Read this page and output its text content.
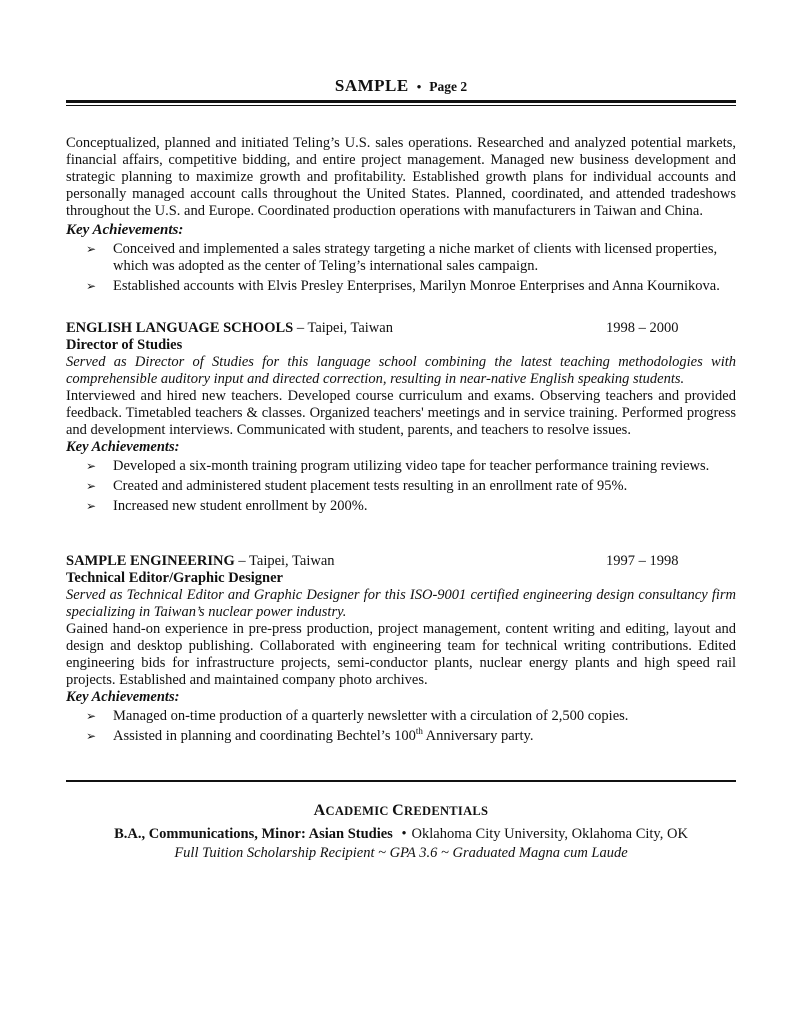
SAMPLE • Page 2

Conceptualized, planned and initiated Teling’s U.S. sales operations. Researched and analyzed potential markets, financial affairs, competitive bidding, and entire project management. Managed new business development and strategic planning to maximize growth and profitability. Established growth plans for individual accounts and personally managed account calls throughout the United States. Planned, coordinated, and attended tradeshows throughout the U.S. and Europe. Coordinated production operations with manufacturers in Taiwan and China.

Key Achievements:

➢ Conceived and implemented a sales strategy targeting a niche market of clients with licensed properties, which was adopted as the center of Teling’s international sales campaign.
➢ Established accounts with Elvis Presley Enterprises, Marilyn Monroe Enterprises and Anna Kournikova.
ENGLISH LANGUAGE SCHOOLS – Taipei, Taiwan	1998 – 2000

Director of Studies

Served as Director of Studies for this language school combining the latest teaching methodologies with comprehensible auditory input and directed correction, resulting in near-native English speaking students.

Interviewed and hired new teachers. Developed course curriculum and exams. Observing teachers and provided feedback. Timetabled teachers & classes. Organized teachers' meetings and in service training. Performed progress and development interviews. Communicated with student, parents, and teachers to resolve issues.

Key Achievements:

➢ Developed a six-month training program utilizing video tape for teacher performance training reviews.
➢ Created and administered student placement tests resulting in an enrollment rate of 95%.
➢ Increased new student enrollment by 200%.
SAMPLE ENGINEERING – Taipei, Taiwan	1997 – 1998

Technical Editor/Graphic Designer

Served as Technical Editor and Graphic Designer for this ISO-9001 certified engineering design consultancy firm specializing in Taiwan’s nuclear power industry.

Gained hand-on experience in pre-press production, project management, content writing and editing, layout and design and desktop publishing. Collaborated with engineering team for technical writing contributions. Edited engineering bids for infrastructure projects, semi-conductor plants, nuclear energy plants and high speed rail projects. Established and maintained company photo archives.

Key Achievements:

➢ Managed on-time production of a quarterly newsletter with a circulation of 2,500 copies.
➢ Assisted in planning and coordinating Bechtel’s 100th Anniversary party.
ACADEMIC CREDENTIALS
B.A., Communications, Minor: Asian Studies • Oklahoma City University, Oklahoma City, OK
Full Tuition Scholarship Recipient ~ GPA 3.6 ~ Graduated Magna cum Laude
